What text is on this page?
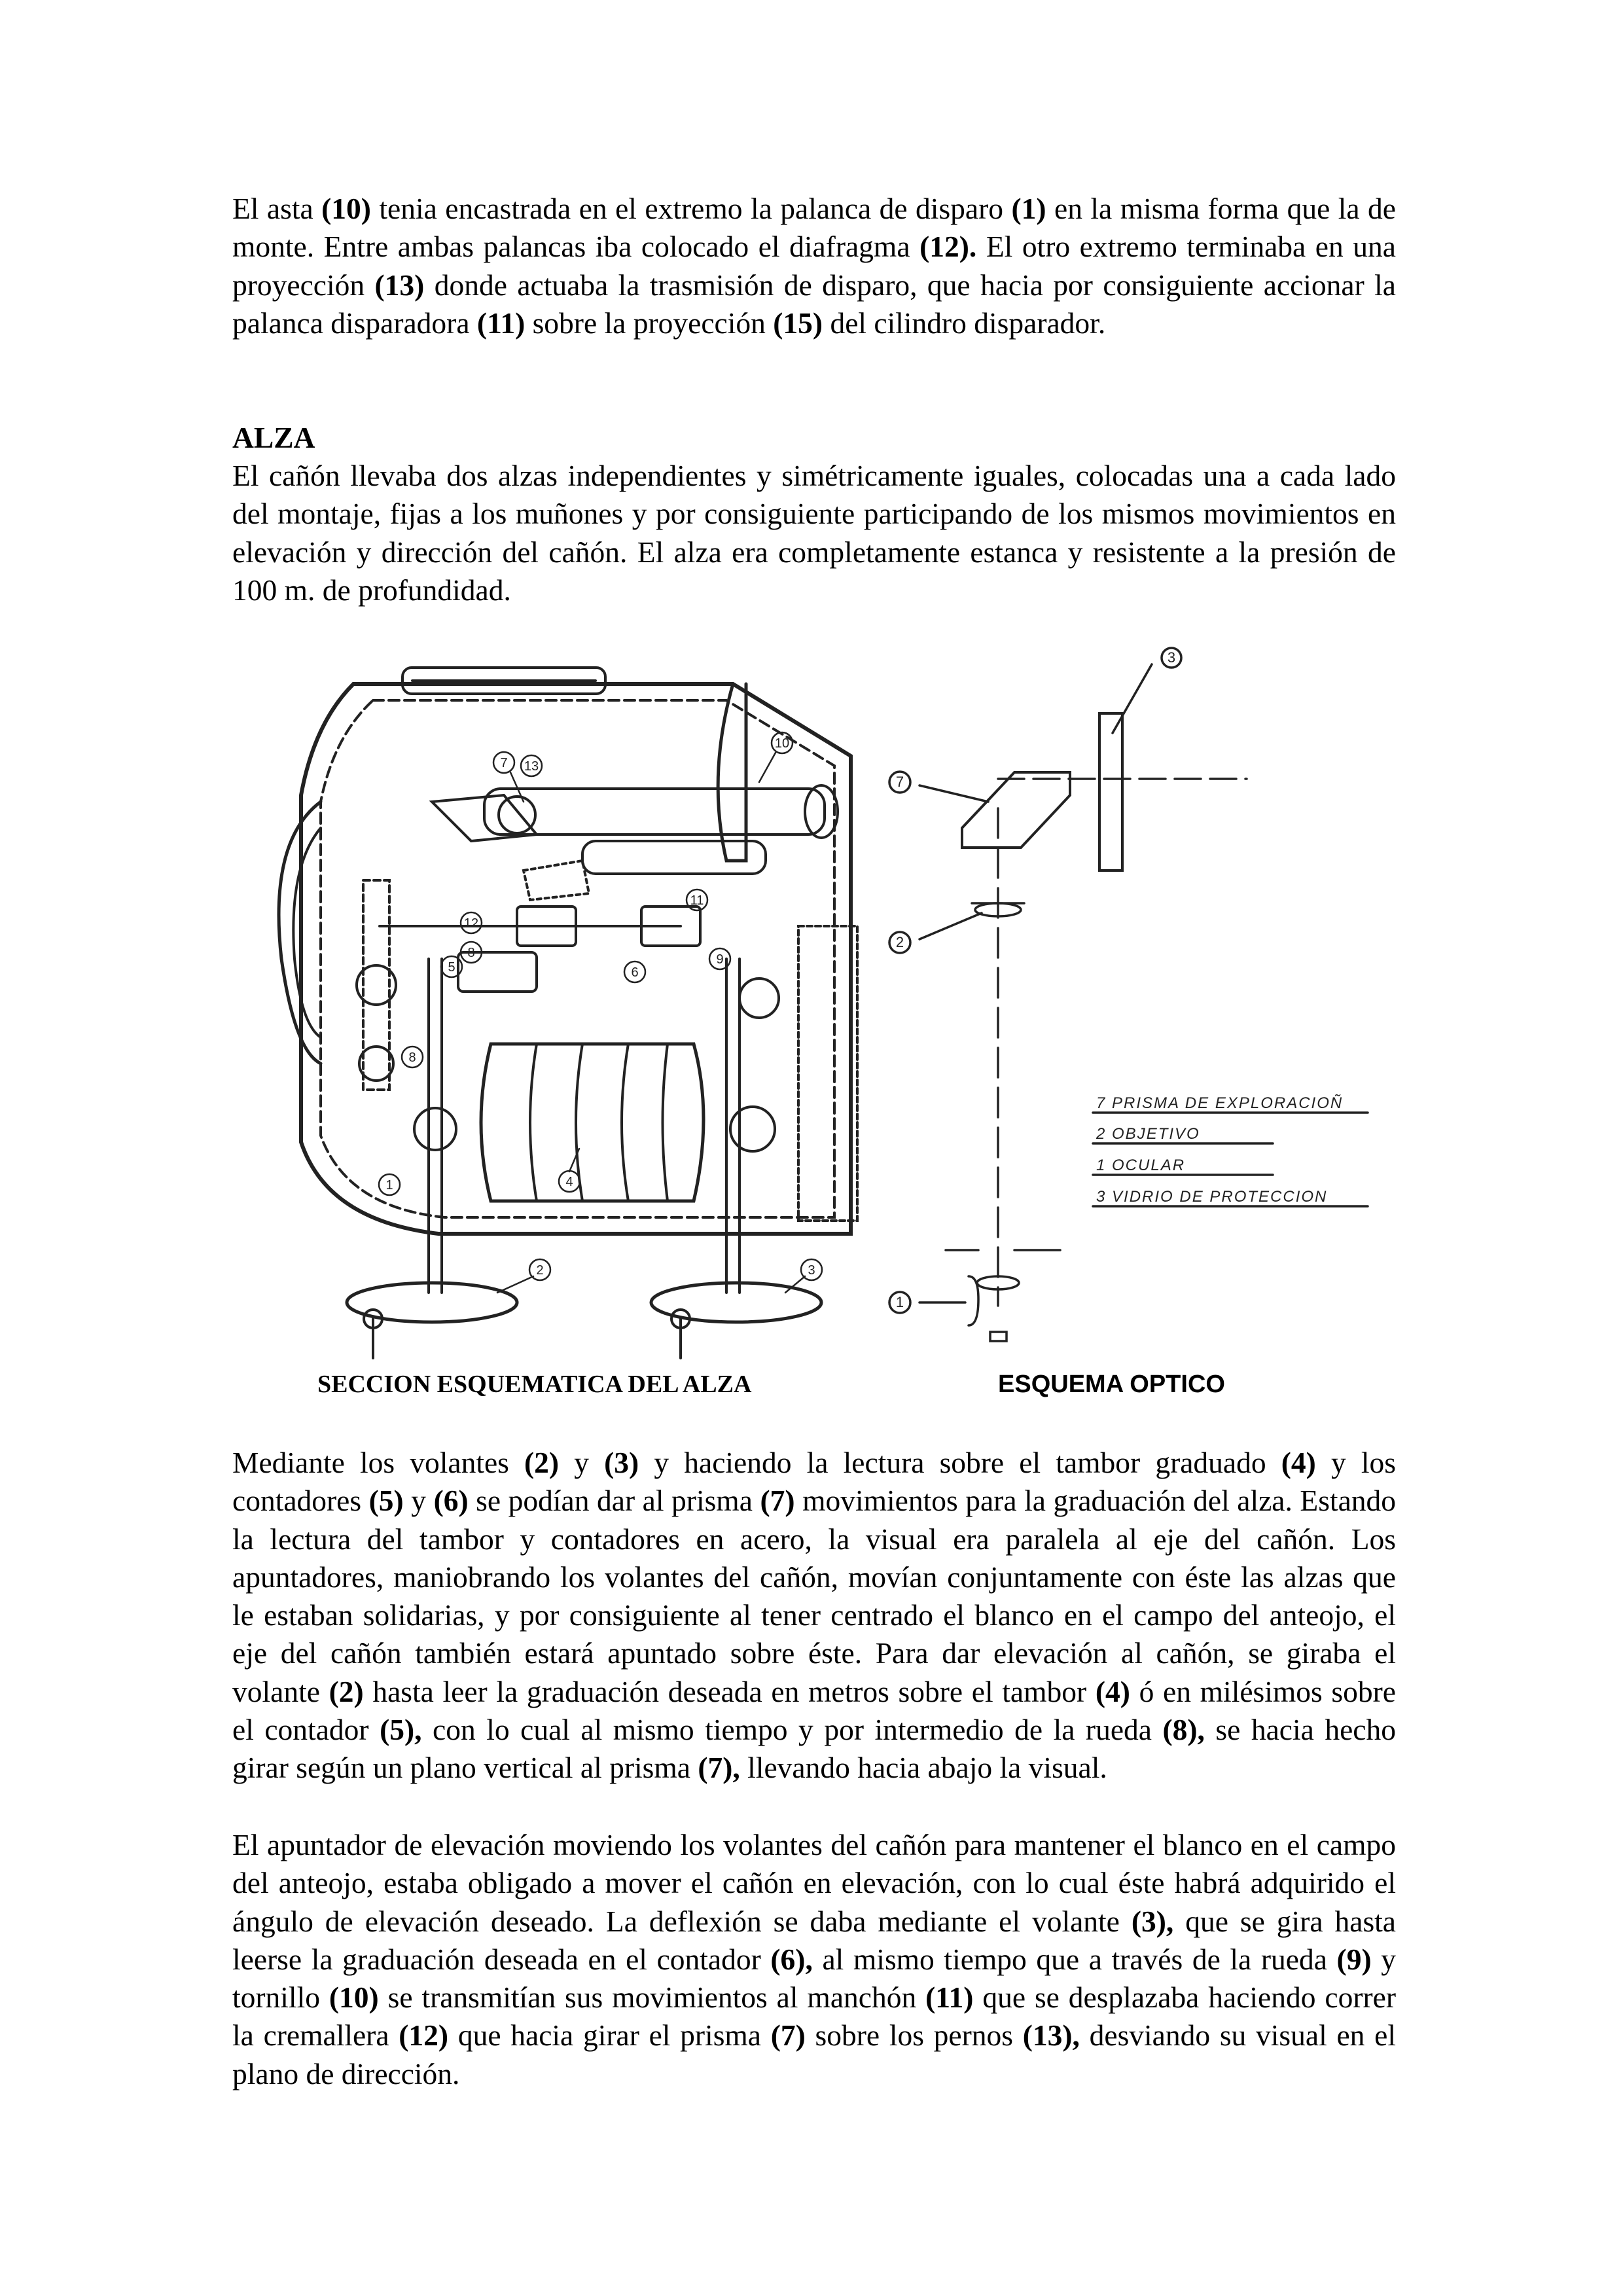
El asta (10) tenia encastrada en el extremo la palanca de disparo (1) en la misma forma que la de monte. Entre ambas palancas iba colocado el diafragma (12). El otro extremo terminaba en una proyección (13) donde actuaba la trasmisión de disparo, que hacia por consiguiente accionar la palanca disparadora (11) sobre la proyección (15) del cilindro disparador.

ALZA

El cañón llevaba dos alzas independientes y simétricamente iguales, colocadas una a cada lado del montaje, fijas a los muñones y por consiguiente participando de los mismos movimientos en elevación y dirección del cañón. El alza era completamente estanca y resistente a la presión de 100 m. de profundidad.

7 13
10
11
12
5	6
9
8
8
4
1
2	3
3
7
2
1
7 PRISMA DE EXPLORACIOÑ
2 OBJETIVO
1 OCULAR
3 VIDRIO DE PROTECCION
SECCION ESQUEMATICA DEL ALZA	ESQUEMA OPTICO

Mediante los volantes (2) y (3) y haciendo la lectura sobre el tambor graduado (4) y los contadores (5) y (6) se podían dar al prisma (7) movimientos para la graduación del alza. Estando la lectura del tambor y contadores en acero, la visual era paralela al eje del cañón. Los apuntadores, maniobrando los volantes del cañón, movían conjuntamente con éste las alzas que le estaban solidarias, y por consiguiente al tener centrado el blanco en el campo del anteojo, el eje del cañón también estará apuntado sobre éste. Para dar elevación al cañón, se giraba el volante (2) hasta leer la graduación deseada en metros sobre el tambor (4) ó en milésimos sobre el contador (5), con lo cual al mismo tiempo y por intermedio de la rueda (8), se hacia hecho girar según un plano vertical al prisma (7), llevando hacia abajo la visual.

El apuntador de elevación moviendo los volantes del cañón para mantener el blanco en el campo del anteojo, estaba obligado a mover el cañón en elevación, con lo cual éste habrá adquirido el ángulo de elevación deseado. La deflexión se daba mediante el volante (3), que se gira hasta leerse la graduación deseada en el contador (6), al mismo tiempo que a través de la rueda (9) y tornillo (10) se transmitían sus movimientos al manchón (11) que se desplazaba haciendo correr la cremallera (12) que hacia girar el prisma (7) sobre los pernos (13), desviando su visual en el plano de dirección.
